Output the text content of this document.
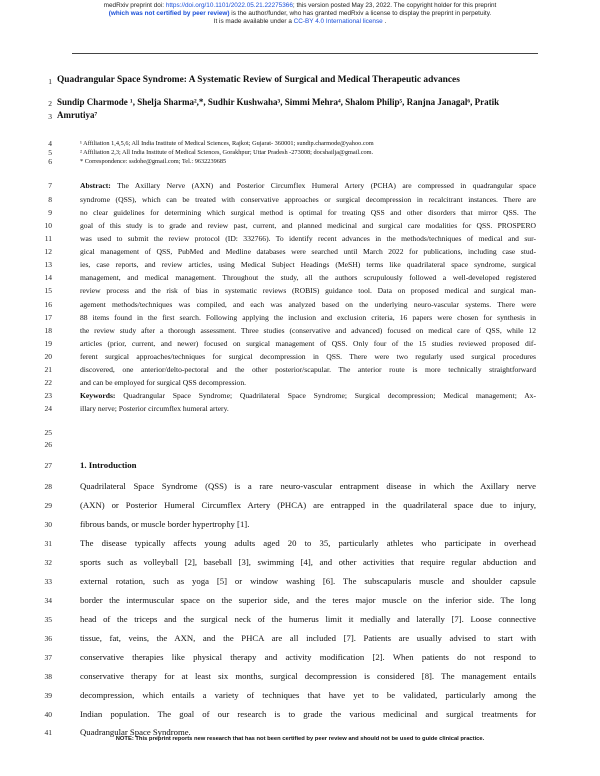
medRxiv preprint doi: https://doi.org/10.1101/2022.05.21.22275366; this version posted May 23, 2022. The copyright holder for this preprint
(which was not certified by peer review) is the author/funder, who has granted medRxiv a license to display the preprint in perpetuity.
It is made available under a CC-BY 4.0 International license .
1
2
3
4
5
6
7
8
9
10
11
12
13
14
15
16
17
18
19
20
21
22
23
24
25
26
27
28
29
30
31
32
33
34
35
36
37
38
39
40
41
Quadrangular Space Syndrome: A Systematic Review of Surgical and Medical Therapeutic advances
Sundip Charmode ¹, Shelja Sharma²,*, Sudhir Kushwaha³, Simmi Mehra⁴, Shalom Philip⁵, Ranjna Janagal⁶, Pratik
Amrutiya⁷
¹ Affiliation 1,4,5,6; All India Institute of Medical Sciences, Rajkot; Gujarat- 360001; sundip.charmode@yahoo.com
² Affiliation 2,3; All India Institute of Medical Sciences, Gorakhpur; Uttar Pradesh -273008; docshailja@gmail.com.
* Correspondence: ssdohe@gmail.com; Tel.: 9632239685
Abstract: The Axillary Nerve (AXN) and Posterior Circumflex Humeral Artery (PCHA) are compressed in quadrangular space
syndrome (QSS), which can be treated with conservative approaches or surgical decompression in recalcitrant instances. There are
no clear guidelines for determining which surgical method is optimal for treating QSS and other disorders that mirror QSS. The
goal of this study is to grade and review past, current, and planned medicinal and surgical care modalities for QSS. PROSPERO
was used to submit the review protocol (ID: 332766). To identify recent advances in the methods/techniques of medical and sur-
gical management of QSS, PubMed and Medline databases were searched until March 2022 for publications, including case stud-
ies, case reports, and review articles, using Medical Subject Headings (MeSH) terms like quadrilateral space syndrome, surgical
management, and medical management. Throughout the study, all the authors scrupulously followed a well-developed registered
review process and the risk of bias in systematic reviews (ROBIS) guidance tool. Data on proposed medical and surgical man-
agement methods/techniques was compiled, and each was analyzed based on the underlying neuro-vascular systems. There were
88 items found in the first search. Following applying the inclusion and exclusion criteria, 16 papers were chosen for synthesis in
the review study after a thorough assessment. Three studies (conservative and advanced) focused on medical care of QSS, while 12
articles (prior, current, and newer) focused on surgical management of QSS. Only four of the 15 studies reviewed proposed dif-
ferent surgical approaches/techniques for surgical decompression in QSS. There were two regularly used surgical procedures
discovered, one anterior/delto-pectoral and the other posterior/scapular. The anterior route is more technically straightforward
and can be employed for surgical QSS decompression.
Keywords: Quadrangular Space Syndrome; Quadrilateral Space Syndrome; Surgical decompression; Medical management; Ax-
illary nerve; Posterior circumflex humeral artery.
1. Introduction
Quadrilateral Space Syndrome (QSS) is a rare neuro-vascular entrapment disease in which the Axillary nerve
(AXN) or Posterior Humeral Circumflex Artery (PHCA) are entrapped in the quadrilateral space due to injury,
fibrous bands, or muscle border hypertrophy [1].
The disease typically affects young adults aged 20 to 35, particularly athletes who participate in overhead
sports such as volleyball [2], baseball [3], swimming [4], and other activities that require regular abduction and
external rotation, such as yoga [5] or window washing [6]. The subscapularis muscle and shoulder capsule
border the intermuscular space on the superior side, and the teres major muscle on the inferior side. The long
head of the triceps and the surgical neck of the humerus limit it medially and laterally [7]. Loose connective
tissue, fat, veins, the AXN, and the PHCA are all included [7]. Patients are usually advised to start with
conservative therapies like physical therapy and activity modification [2]. When patients do not respond to
conservative therapy for at least six months, surgical decompression is considered [8]. The management entails
decompression, which entails a variety of techniques that have yet to be validated, particularly among the
Indian population. The goal of our research is to grade the various medicinal and surgical treatments for
Quadrangular Space Syndrome.
NOTE: This preprint reports new research that has not been certified by peer review and should not be used to guide clinical practice.
